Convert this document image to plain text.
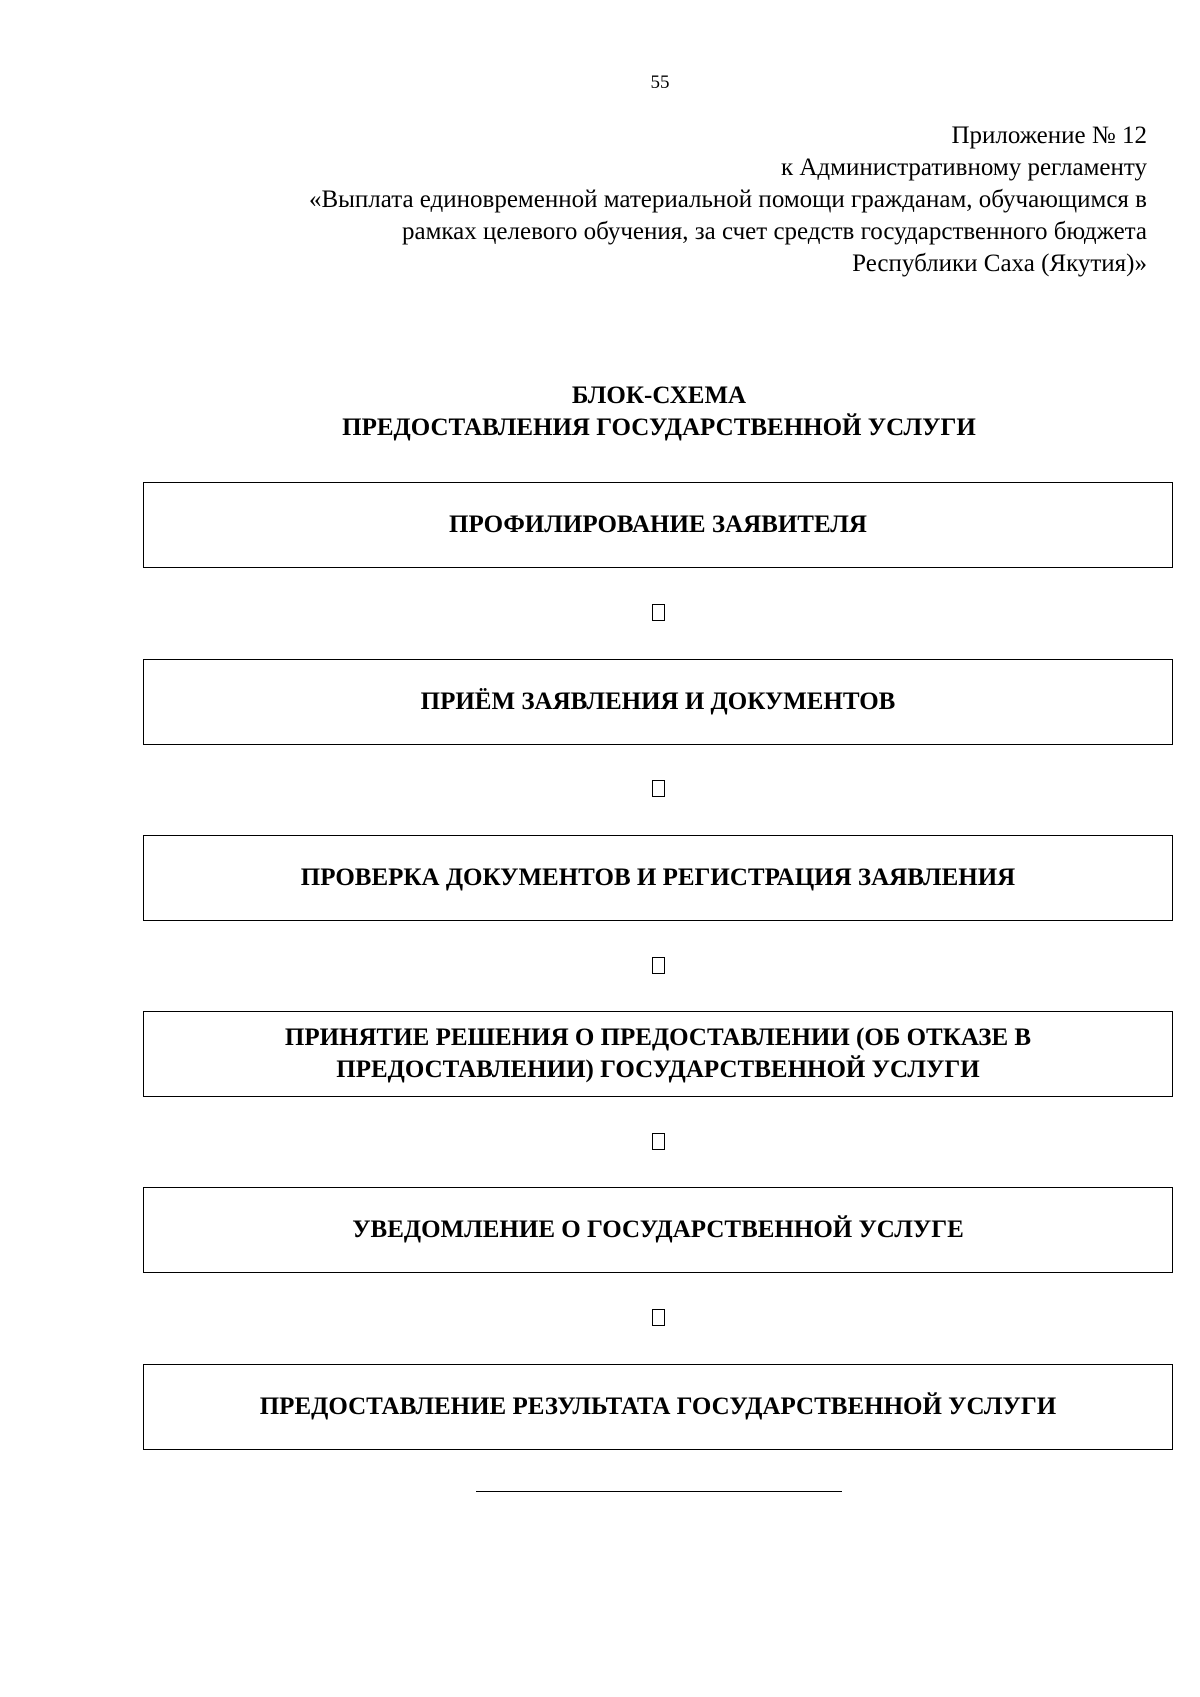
55
Приложение № 12
к Административному регламенту
«Выплата единовременной материальной помощи гражданам, обучающимся в
рамках целевого обучения, за счет средств государственного бюджета
Республики Саха (Якутия)»
БЛОК-СХЕМА
ПРЕДОСТАВЛЕНИЯ ГОСУДАРСТВЕННОЙ УСЛУГИ
ПРОФИЛИРОВАНИЕ ЗАЯВИТЕЛЯ
ПРИЁМ ЗАЯВЛЕНИЯ И ДОКУМЕНТОВ
ПРОВЕРКА ДОКУМЕНТОВ И РЕГИСТРАЦИЯ ЗАЯВЛЕНИЯ
ПРИНЯТИЕ РЕШЕНИЯ О ПРЕДОСТАВЛЕНИИ (ОБ ОТКАЗЕ В
ПРЕДОСТАВЛЕНИИ) ГОСУДАРСТВЕННОЙ УСЛУГИ
УВЕДОМЛЕНИЕ О ГОСУДАРСТВЕННОЙ УСЛУГЕ
ПРЕДОСТАВЛЕНИЕ РЕЗУЛЬТАТА ГОСУДАРСТВЕННОЙ УСЛУГИ
